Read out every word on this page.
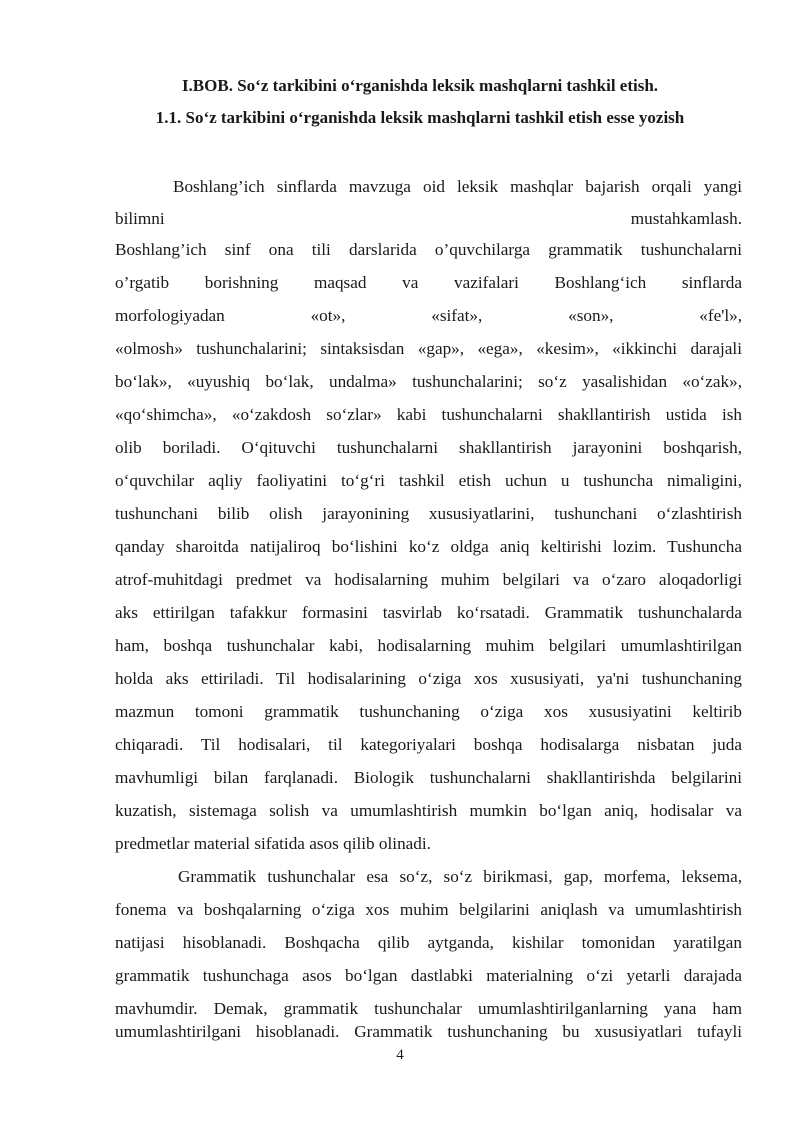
I.BOB. So‘z tarkibini o‘rganishda leksik mashqlarni tashkil etish.
1.1. So‘z tarkibini o‘rganishda leksik mashqlarni tashkil etish esse yozish
Boshlang’ich sinflarda mavzuga oid leksik mashqlar bajarish orqali yangi
bilimni mustahkamlash.
Boshlang’ich sinf ona tili darslarida o’quvchilarga grammatik tushunchalarni
o’rgatib borishning maqsad va vazifalari Boshlang‘ich sinflarda
morfologiyadan «ot», «sifat», «son», «fe'l»,
«olmosh» tushunchalarini; sintaksisdan «gap», «ega», «kesim», «ikkinchi darajali
bo‘lak», «uyushiq bo‘lak, undalma» tushunchalarini; so‘z yasalishidan «o‘zak»,
«qo‘shimcha», «o‘zakdosh so‘zlar» kabi tushunchalarni shakllantirish ustida ish
olib boriladi. O‘qituvchi tushunchalarni shakllantirish jarayonini boshqarish,
o‘quvchilar aqliy faoliyatini to‘g‘ri tashkil etish uchun u tushuncha nimaligini,
tushunchani bilib olish jarayonining xususiyatlarini, tushunchani o‘zlashtirish
qanday sharoitda natijaliroq bo‘lishini ko‘z oldga aniq keltirishi lozim. Tushuncha
atrof-muhitdagi predmet va hodisalarning muhim belgilari va o‘zaro aloqadorligi
aks ettirilgan tafakkur formasini tasvirlab ko‘rsatadi. Grammatik tushunchalarda
ham, boshqa tushunchalar kabi, hodisalarning muhim belgilari umumlashtirilgan
holda aks ettiriladi. Til hodisalarining o‘ziga xos xususiyati, ya'ni tushunchaning
mazmun tomoni grammatik tushunchaning o‘ziga xos xususiyatini keltirib
chiqaradi. Til hodisalari, til kategoriyalari boshqa hodisalarga nisbatan juda
mavhumligi bilan farqlanadi. Biologik tushunchalarni shakllantirishda belgilarini
kuzatish, sistemaga solish va umumlashtirish mumkin bo‘lgan aniq, hodisalar va
predmetlar material sifatida asos qilib olinadi.
Grammatik tushunchalar esa so‘z, so‘z birikmasi, gap, morfema, leksema,
fonema va boshqalarning o‘ziga xos muhim belgilarini aniqlash va umumlashtirish
natijasi hisoblanadi. Boshqacha qilib aytganda, kishilar tomonidan yaratilgan
grammatik tushunchaga asos bo‘lgan dastlabki materialning o‘zi yetarli darajada
mavhumdir. Demak, grammatik tushunchalar umumlashtirilganlarning yana ham
umumlashtirilgani hisoblanadi. Grammatik tushunchaning bu xususiyatlari tufayli
4
